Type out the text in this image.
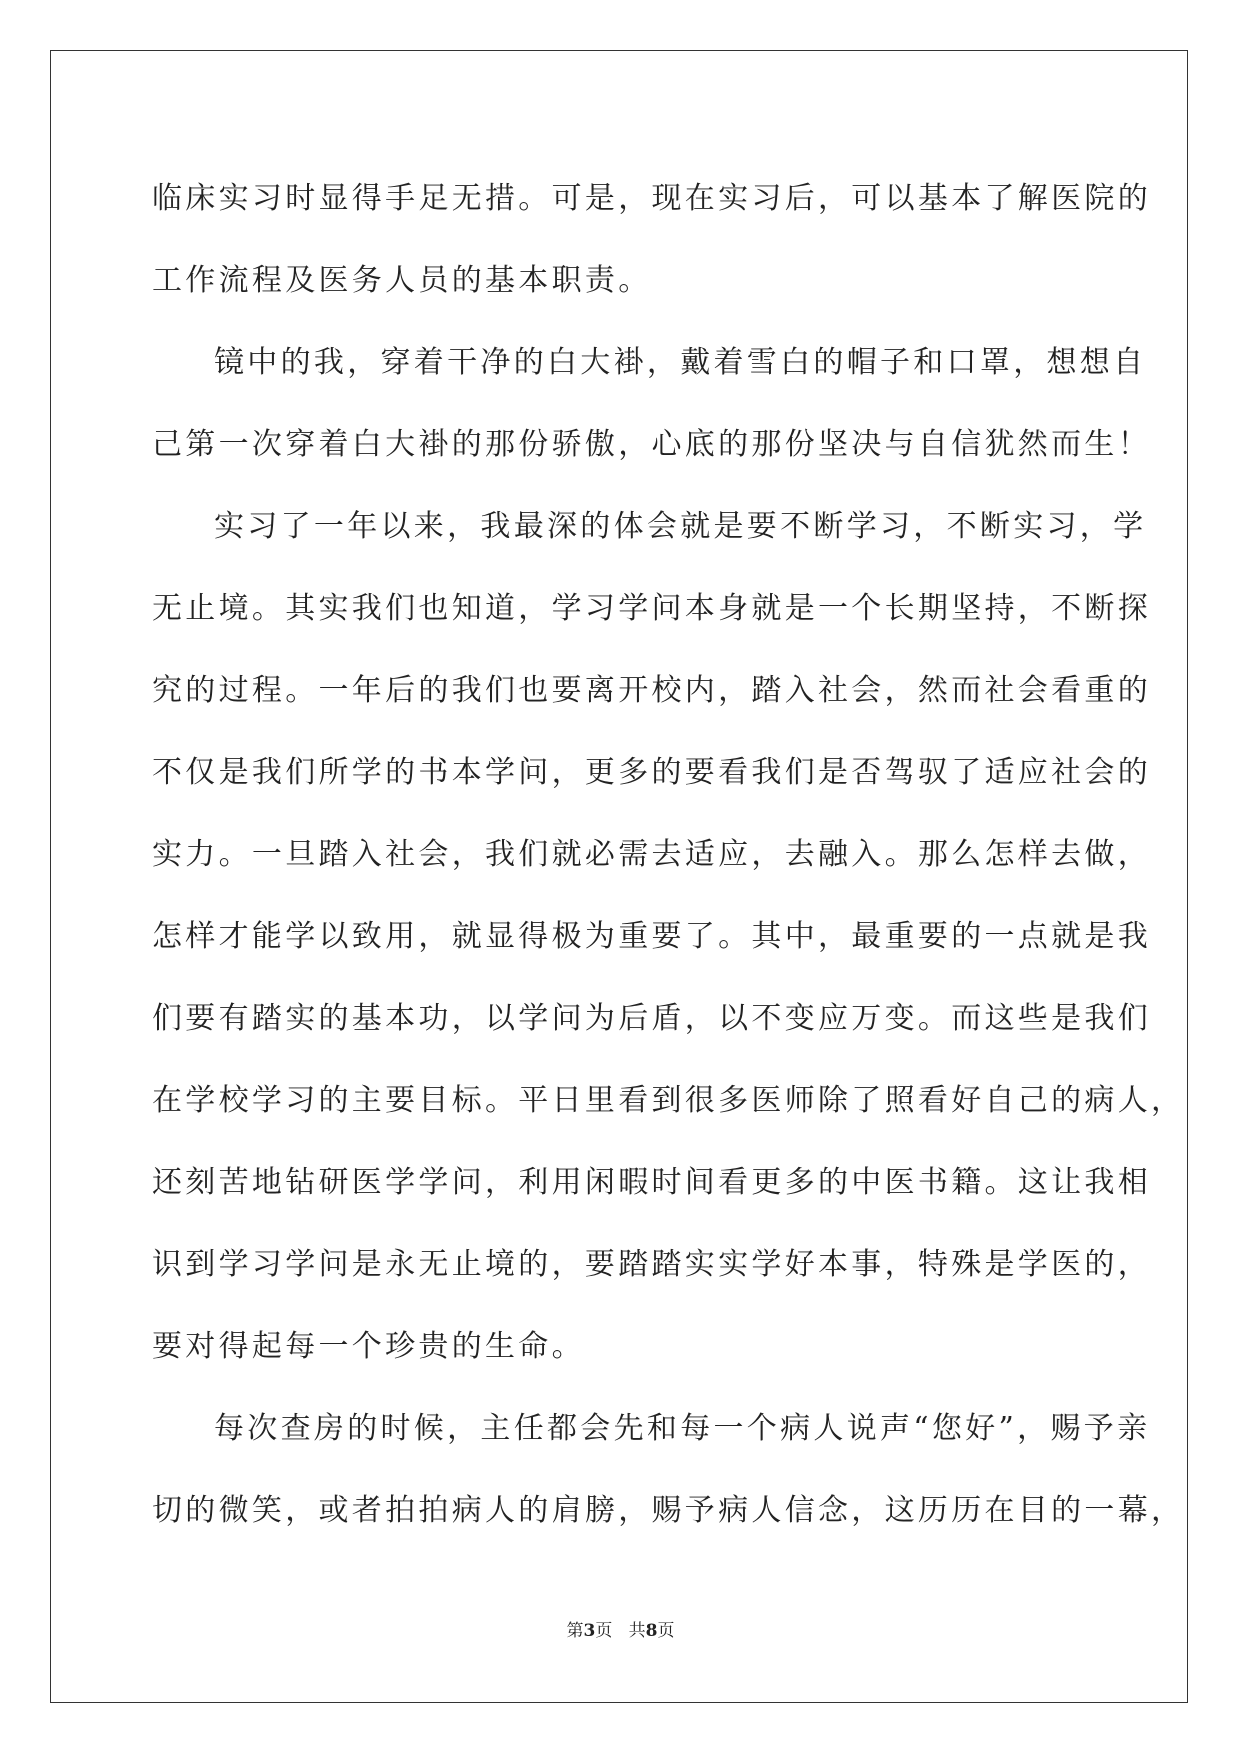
临床实习时显得手足无措。可是，现在实习后，可以基本了解医院的
工作流程及医务人员的基本职责。
镜中的我，穿着干净的白大褂，戴着雪白的帽子和口罩，想想自
己第一次穿着白大褂的那份骄傲，心底的那份坚决与自信犹然而生！
实习了一年以来，我最深的体会就是要不断学习，不断实习，学
无止境。其实我们也知道，学习学问本身就是一个长期坚持，不断探
究的过程。一年后的我们也要离开校内，踏入社会，然而社会看重的
不仅是我们所学的书本学问，更多的要看我们是否驾驭了适应社会的
实力。一旦踏入社会，我们就必需去适应，去融入。那么怎样去做，
怎样才能学以致用，就显得极为重要了。其中，最重要的一点就是我
们要有踏实的基本功，以学问为后盾，以不变应万变。而这些是我们
在学校学习的主要目标。平日里看到很多医师除了照看好自己的病人，
还刻苦地钻研医学学问，利用闲暇时间看更多的中医书籍。这让我相
识到学习学问是永无止境的，要踏踏实实学好本事，特殊是学医的，
要对得起每一个珍贵的生命。
每次查房的时候，主任都会先和每一个病人说声“您好”，赐予亲
切的微笑，或者拍拍病人的肩膀，赐予病人信念，这历历在目的一幕，
第3页 共8页
